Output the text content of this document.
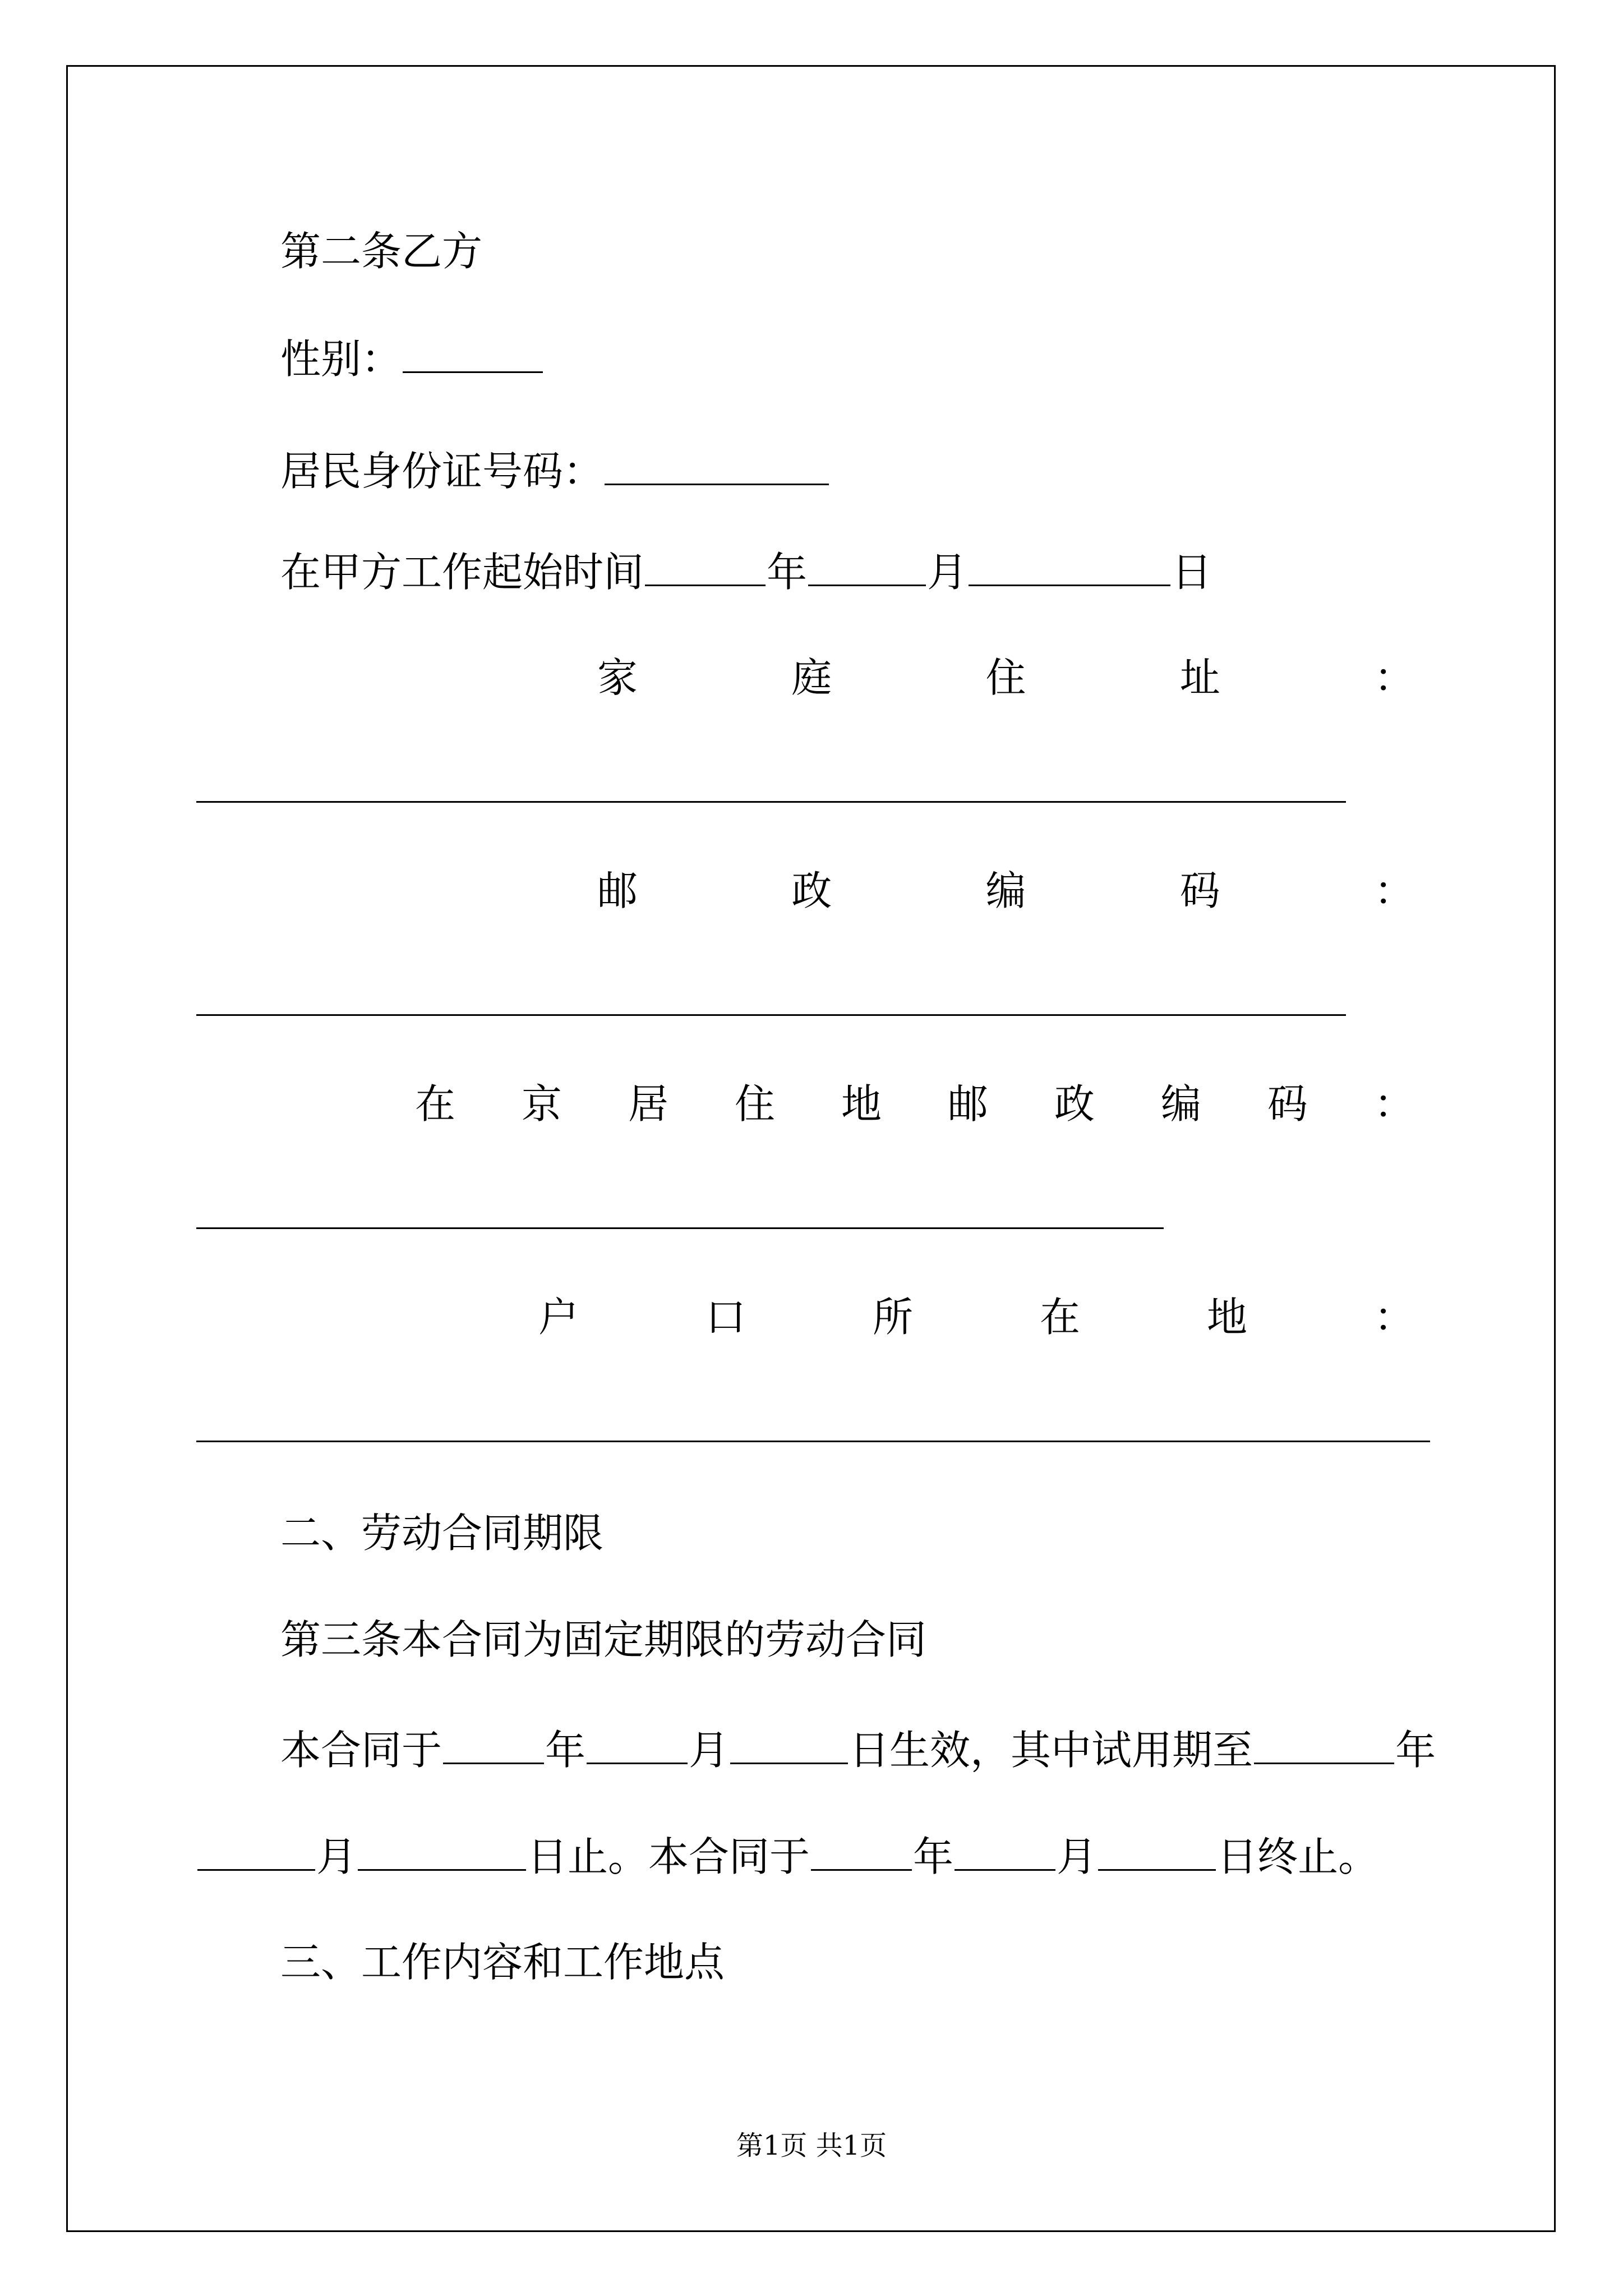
第二条乙方
性别：
居民身份证号码：
在甲方工作起始时间	年	月	日
家	庭	住	址	：
邮	政	编	码	：
在 京 居 住 地 邮 政 编 码 ：
户	口	所	在	地	：
二、劳动合同期限
第三条本合同为固定期限的劳动合同
本合同于	年	月	日生效，其中试用期至	年
月	日止。本合同于	年	月	日终止。
三、工作内容和工作地点
第1页 共1页
